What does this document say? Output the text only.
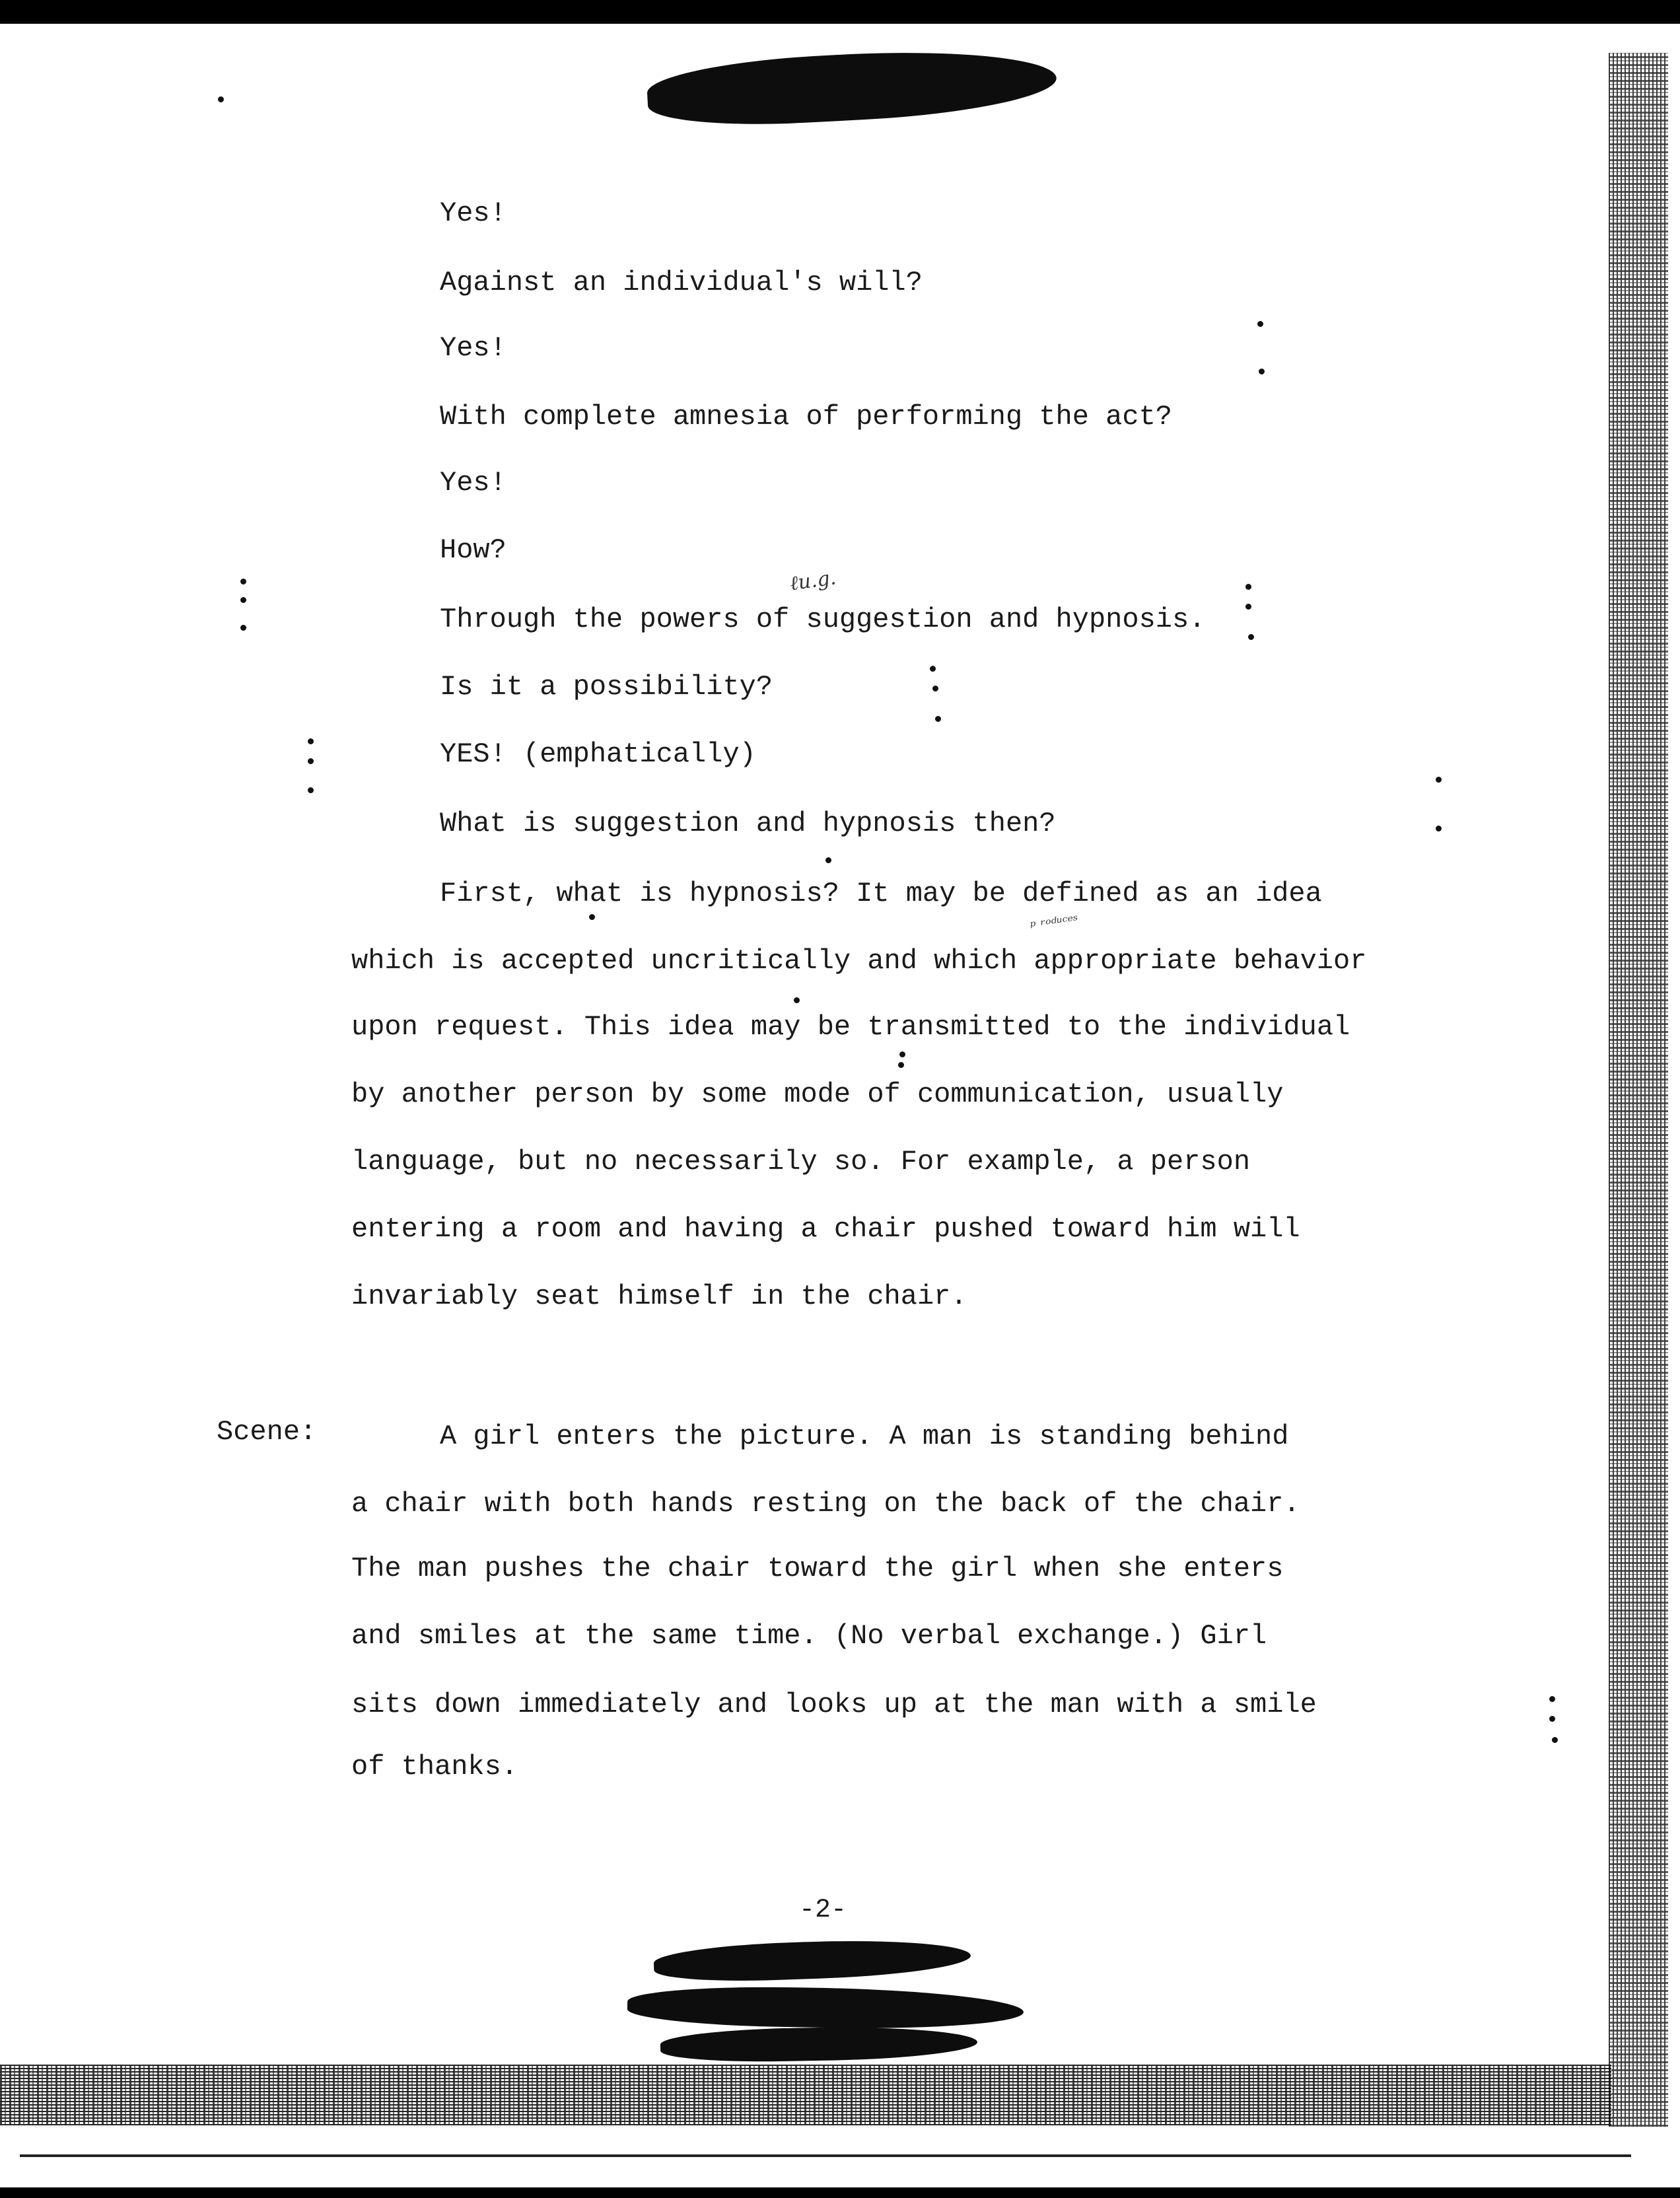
ℓu.g.
ᵖ ʳᵒᵈᵘᶜᵉˢ
Yes!
Against an individual's will?
Yes!
With complete amnesia of performing the act?
Yes!
How?
Through the powers of suggestion and hypnosis.
Is it a possibility?
YES! (emphatically)
What is suggestion and hypnosis then?
First, what is hypnosis? It may be defined as an idea
which is accepted uncritically and which appropriate behavior
upon request. This idea may be transmitted to the individual
by another person by some mode of communication, usually
language, but no necessarily so. For example, a person
entering a room and having a chair pushed toward him will
invariably seat himself in the chair.
Scene:	A girl enters the picture. A man is standing behind
a chair with both hands resting on the back of the chair.
The man pushes the chair toward the girl when she enters
and smiles at the same time. (No verbal exchange.) Girl
sits down immediately and looks up at the man with a smile
of thanks.
-2-
